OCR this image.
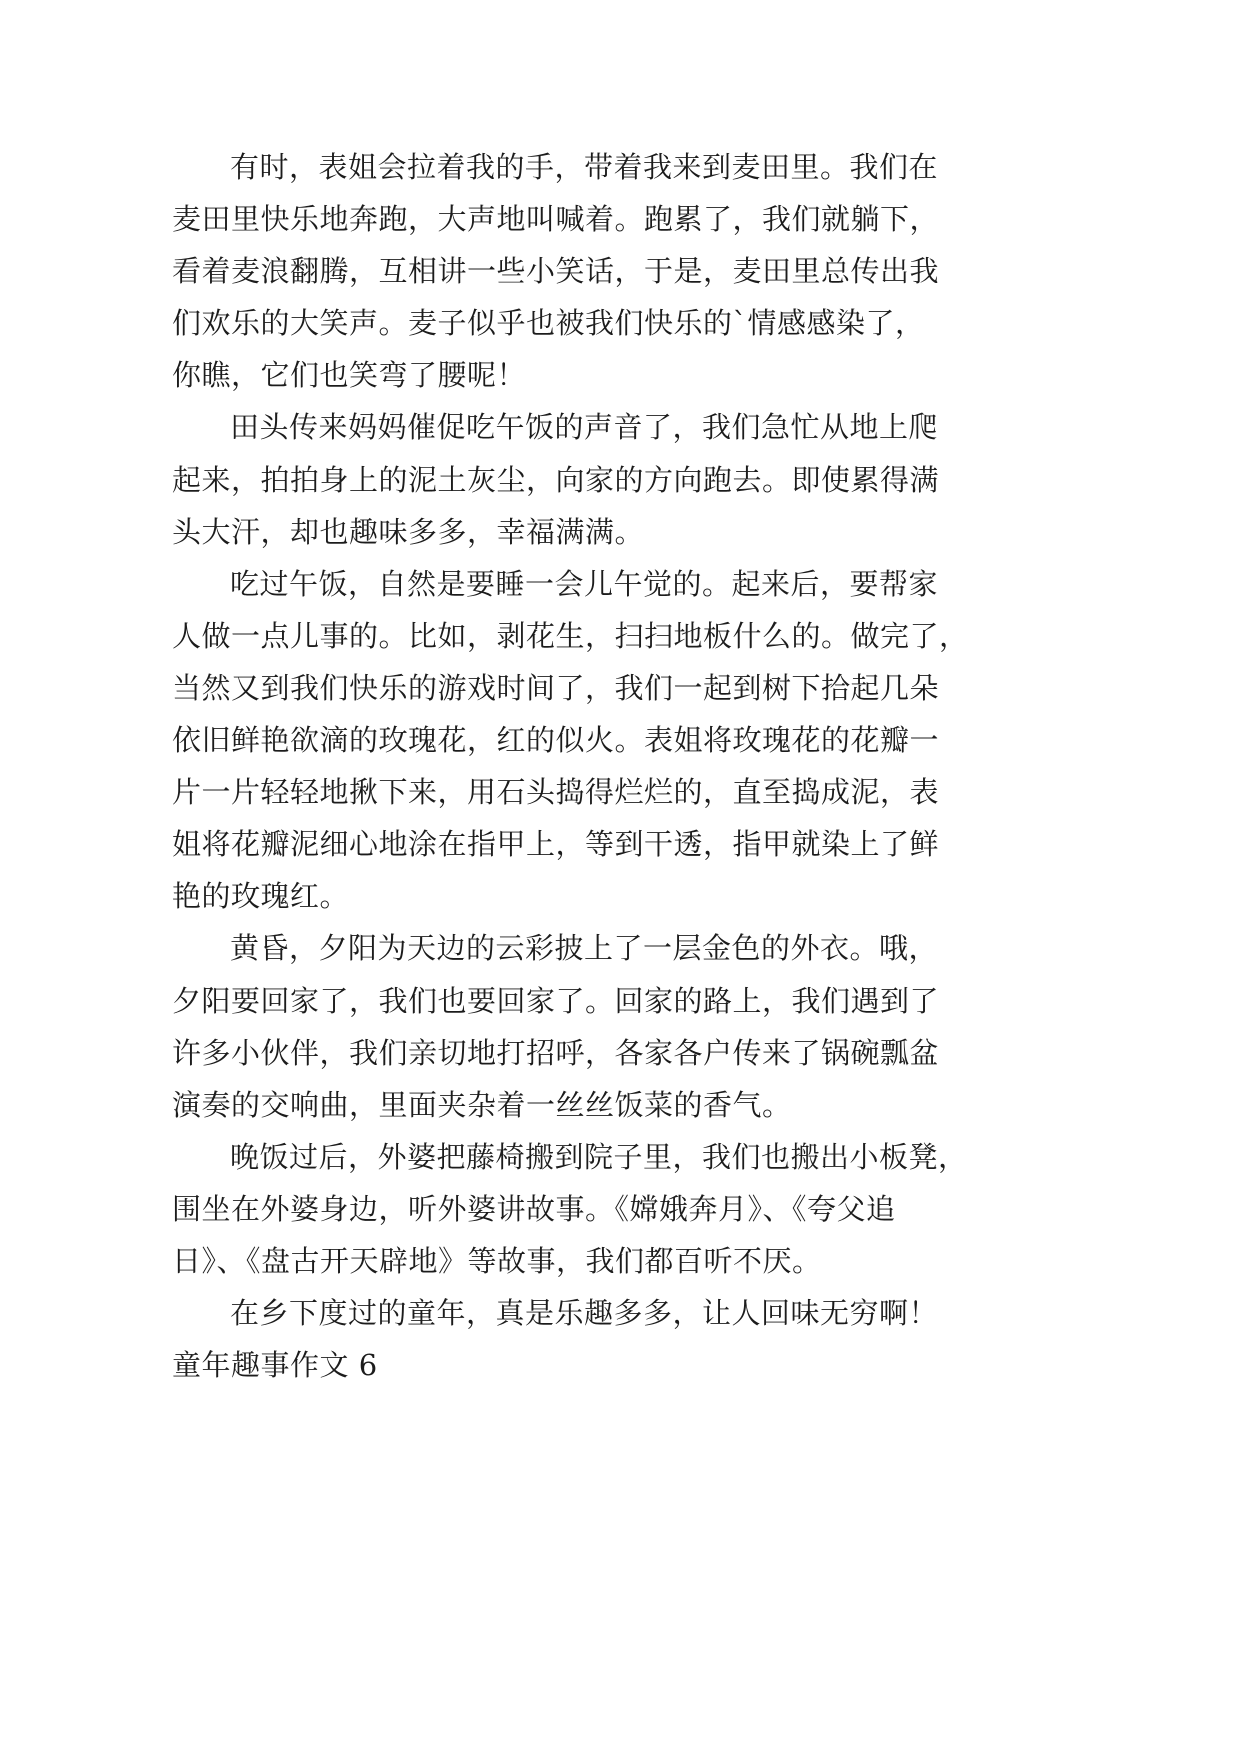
有时，表姐会拉着我的手，带着我来到麦田里。我们在
麦田里快乐地奔跑，大声地叫喊着。跑累了，我们就躺下，
看着麦浪翻腾，互相讲一些小笑话，于是，麦田里总传出我
们欢乐的大笑声。麦子似乎也被我们快乐的`情感感染了，
你瞧，它们也笑弯了腰呢！
田头传来妈妈催促吃午饭的声音了，我们急忙从地上爬
起来，拍拍身上的泥土灰尘，向家的方向跑去。即使累得满
头大汗，却也趣味多多，幸福满满。
吃过午饭，自然是要睡一会儿午觉的。起来后，要帮家
人做一点儿事的。比如，剥花生，扫扫地板什么的。做完了，
当然又到我们快乐的游戏时间了，我们一起到树下拾起几朵
依旧鲜艳欲滴的玫瑰花，红的似火。表姐将玫瑰花的花瓣一
片一片轻轻地揪下来，用石头捣得烂烂的，直至捣成泥，表
姐将花瓣泥细心地涂在指甲上，等到干透，指甲就染上了鲜
艳的玫瑰红。
黄昏，夕阳为天边的云彩披上了一层金色的外衣。哦，
夕阳要回家了，我们也要回家了。回家的路上，我们遇到了
许多小伙伴，我们亲切地打招呼，各家各户传来了锅碗瓢盆
演奏的交响曲，里面夹杂着一丝丝饭菜的香气。
晚饭过后，外婆把藤椅搬到院子里，我们也搬出小板凳，
围坐在外婆身边，听外婆讲故事。《嫦娥奔月》、《夸父追
日》、《盘古开天辟地》等故事，我们都百听不厌。
在乡下度过的童年，真是乐趣多多，让人回味无穷啊！
童年趣事作文 6
